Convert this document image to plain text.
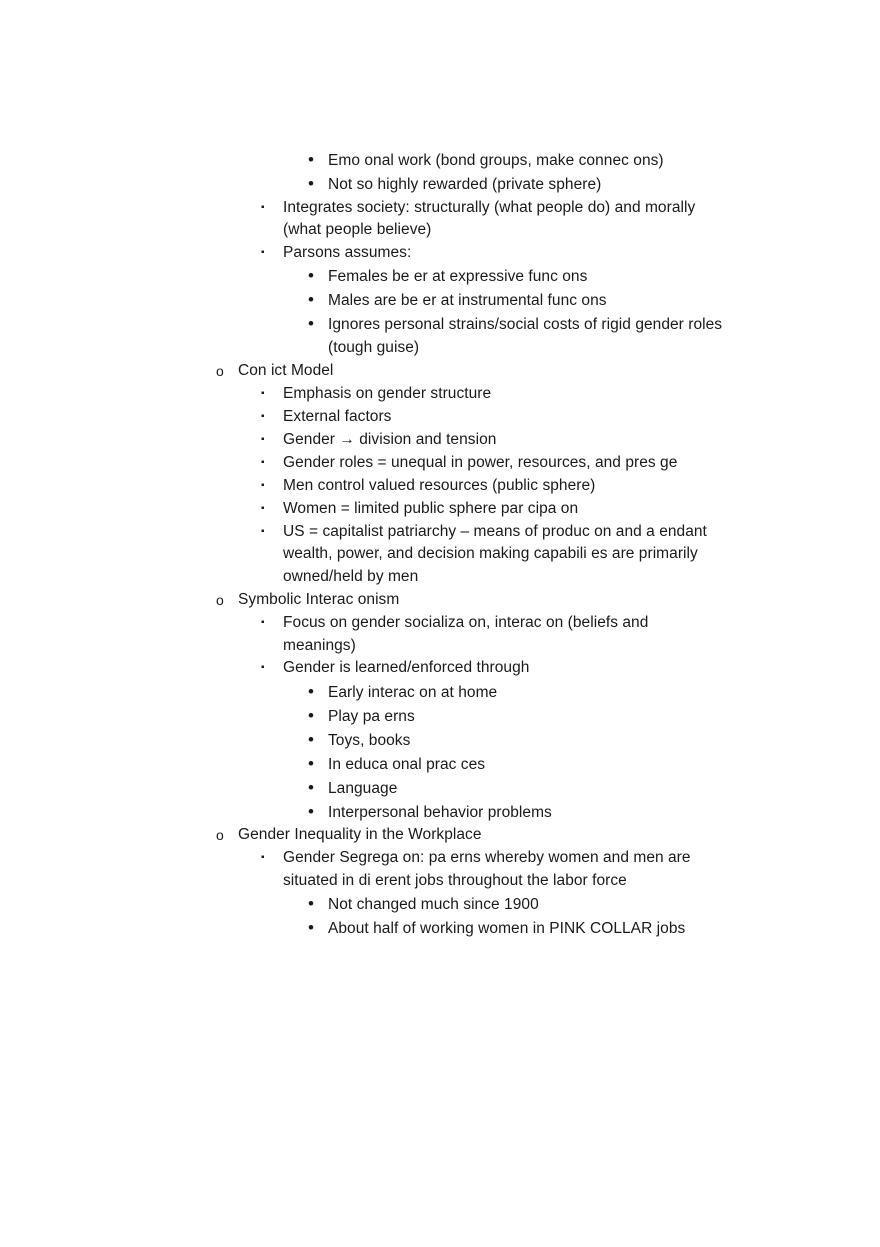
• Emo onal work (bond groups, make connec ons)
• Not so highly rewarded (private sphere)
▪ Integrates society: structurally (what people do) and morally
(what people believe)
▪ Parsons assumes:
• Females be er at expressive func ons
• Males are be er at instrumental func ons
• Ignores personal strains/social costs of rigid gender roles
(tough guise)
o Con ict Model
▪ Emphasis on gender structure
▪ External factors
▪ Gender → division and tension
▪ Gender roles = unequal in power, resources, and pres ge
▪ Men control valued resources (public sphere)
▪ Women = limited public sphere par cipa on
▪ US = capitalist patriarchy – means of produc on and a endant
wealth, power, and decision making capabili es are primarily
owned/held by men
o Symbolic Interac onism
▪ Focus on gender socializa on, interac on (beliefs and
meanings)
▪ Gender is learned/enforced through
• Early interac on at home
• Play pa erns
• Toys, books
• In educa onal prac ces
• Language
• Interpersonal behavior problems
o Gender Inequality in the Workplace
▪ Gender Segrega on: pa erns whereby women and men are
situated in di erent jobs throughout the labor force
• Not changed much since 1900
• About half of working women in PINK COLLAR jobs
